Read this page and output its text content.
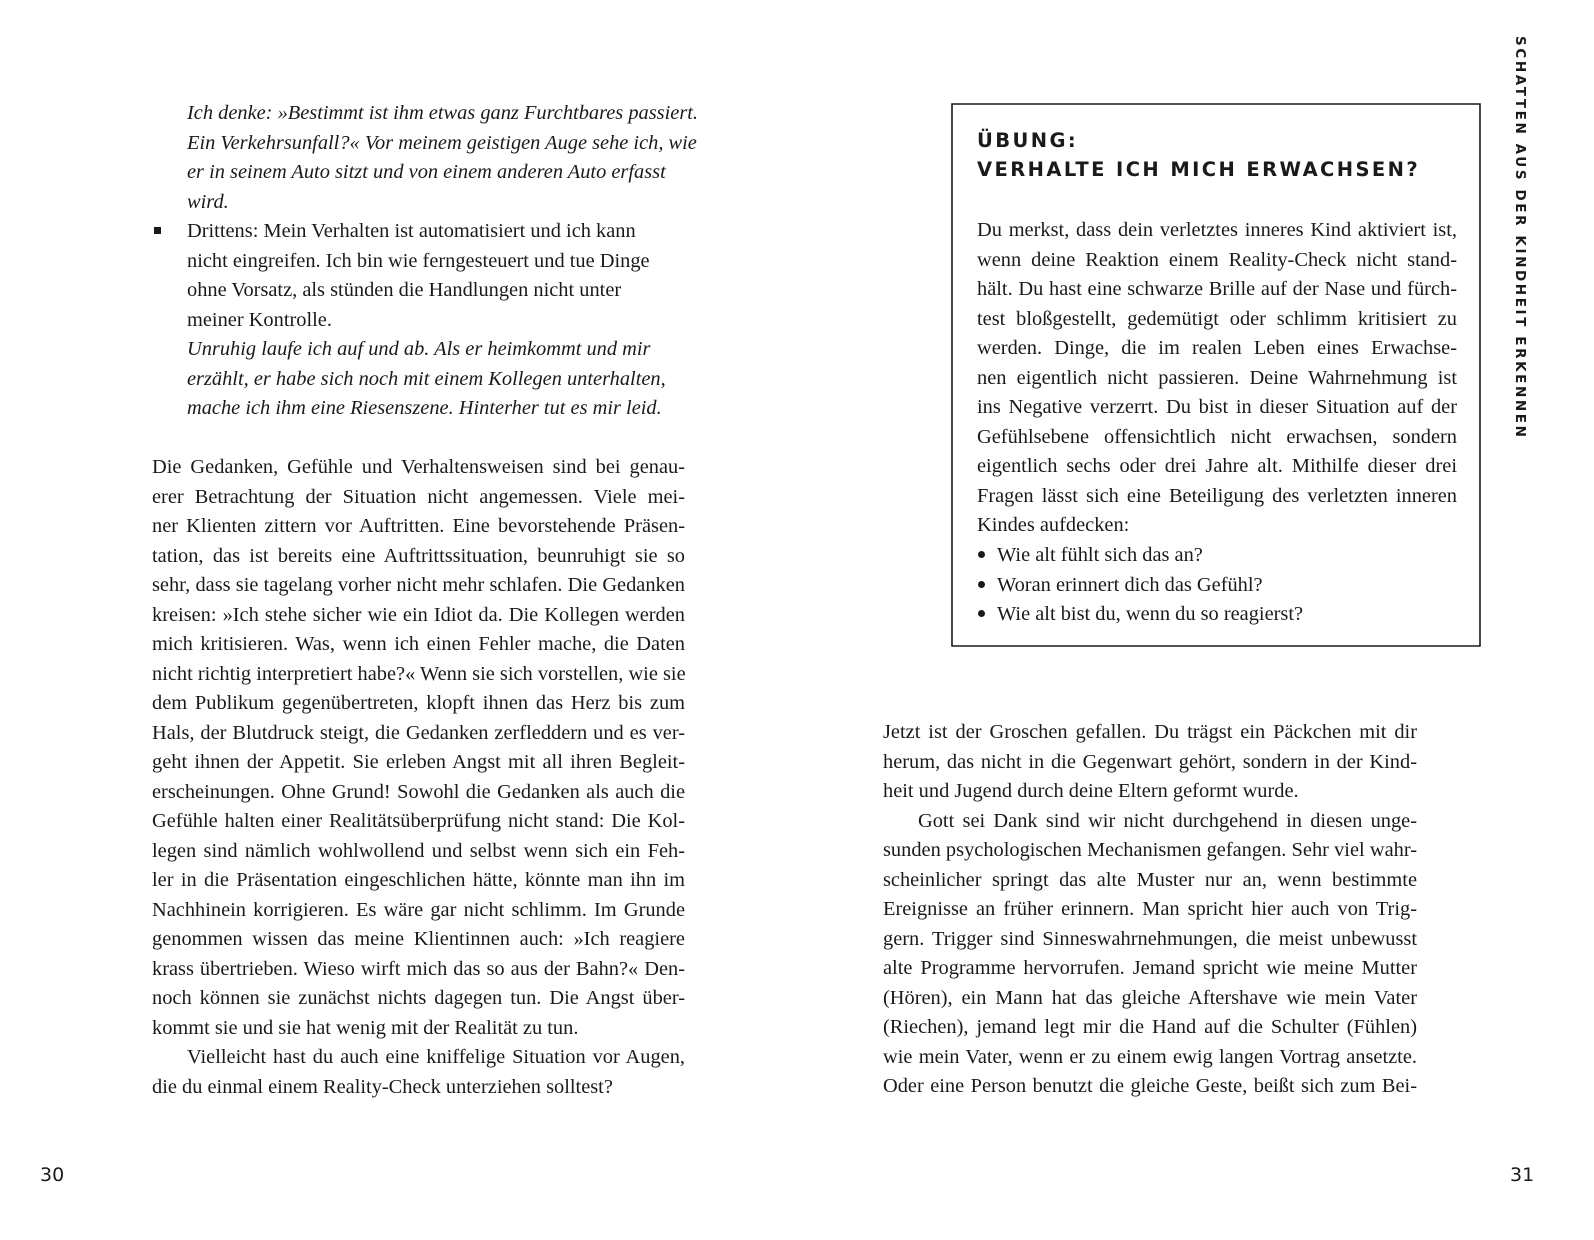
Ich denke: »Bestimmt ist ihm etwas ganz Furchtbares passiert.
Ein Verkehrsunfall?« Vor meinem geistigen Auge sehe ich, wie
er in seinem Auto sitzt und von einem anderen Auto erfasst
wird.
Drittens: Mein Verhalten ist automatisiert und ich kann
nicht eingreifen. Ich bin wie ferngesteuert und tue Dinge
ohne Vorsatz, als stünden die Handlungen nicht unter
meiner Kontrolle.
Unruhig laufe ich auf und ab. Als er heimkommt und mir
erzählt, er habe sich noch mit einem Kollegen unterhalten,
mache ich ihm eine Riesenszene. Hinterher tut es mir leid.
Die Gedanken, Gefühle und Verhaltensweisen sind bei genau-
erer Betrachtung der Situation nicht angemessen. Viele mei-
ner Klienten zittern vor Auftritten. Eine bevorstehende Präsen-
tation, das ist bereits eine Auftrittssituation, beunruhigt sie so
sehr, dass sie tagelang vorher nicht mehr schlafen. Die Gedanken
kreisen: »Ich stehe sicher wie ein Idiot da. Die Kollegen werden
mich kritisieren. Was, wenn ich einen Fehler mache, die Daten
nicht richtig interpretiert habe?« Wenn sie sich vorstellen, wie sie
dem Publikum gegenübertreten, klopft ihnen das Herz bis zum
Hals, der Blutdruck steigt, die Gedanken zerfleddern und es ver-
geht ihnen der Appetit. Sie erleben Angst mit all ihren Begleit-
erscheinungen. Ohne Grund! Sowohl die Gedanken als auch die
Gefühle halten einer Realitätsüberprüfung nicht stand: Die Kol-
legen sind nämlich wohlwollend und selbst wenn sich ein Feh-
ler in die Präsentation eingeschlichen hätte, könnte man ihn im
Nachhinein korrigieren. Es wäre gar nicht schlimm. Im Grunde
genommen wissen das meine Klientinnen auch: »Ich reagiere
krass übertrieben. Wieso wirft mich das so aus der Bahn?« Den-
noch können sie zunächst nichts dagegen tun. Die Angst über-
kommt sie und sie hat wenig mit der Realität zu tun.
Vielleicht hast du auch eine kniffelige Situation vor Augen,
die du einmal einem Reality-Check unterziehen solltest?
30
SCHATTEN AUS DER KINDHEIT ERKENNEN
ÜBUNG:
VERHALTE ICH MICH ERWACHSEN?
Du merkst, dass dein verletztes inneres Kind aktiviert ist,
wenn deine Reaktion einem Reality-Check nicht stand-
hält. Du hast eine schwarze Brille auf der Nase und fürch-
test bloßgestellt, gedemütigt oder schlimm kritisiert zu
werden. Dinge, die im realen Leben eines Erwachse-
nen eigentlich nicht passieren. Deine Wahrnehmung ist
ins Negative verzerrt. Du bist in dieser Situation auf der
Gefühlsebene offensichtlich nicht erwachsen, sondern
eigentlich sechs oder drei Jahre alt. Mithilfe dieser drei
Fragen lässt sich eine Beteiligung des verletzten inneren
Kindes aufdecken:
Wie alt fühlt sich das an?
Woran erinnert dich das Gefühl?
Wie alt bist du, wenn du so reagierst?
Jetzt ist der Groschen gefallen. Du trägst ein Päckchen mit dir
herum, das nicht in die Gegenwart gehört, sondern in der Kind-
heit und Jugend durch deine Eltern geformt wurde.
Gott sei Dank sind wir nicht durchgehend in diesen unge-
sunden psychologischen Mechanismen gefangen. Sehr viel wahr-
scheinlicher springt das alte Muster nur an, wenn bestimmte
Ereignisse an früher erinnern. Man spricht hier auch von Trig-
gern. Trigger sind Sinneswahrnehmungen, die meist unbewusst
alte Programme hervorrufen. Jemand spricht wie meine Mutter
(Hören), ein Mann hat das gleiche Aftershave wie mein Vater
(Riechen), jemand legt mir die Hand auf die Schulter (Fühlen)
wie mein Vater, wenn er zu einem ewig langen Vortrag ansetzte.
Oder eine Person benutzt die gleiche Geste, beißt sich zum Bei-
31
